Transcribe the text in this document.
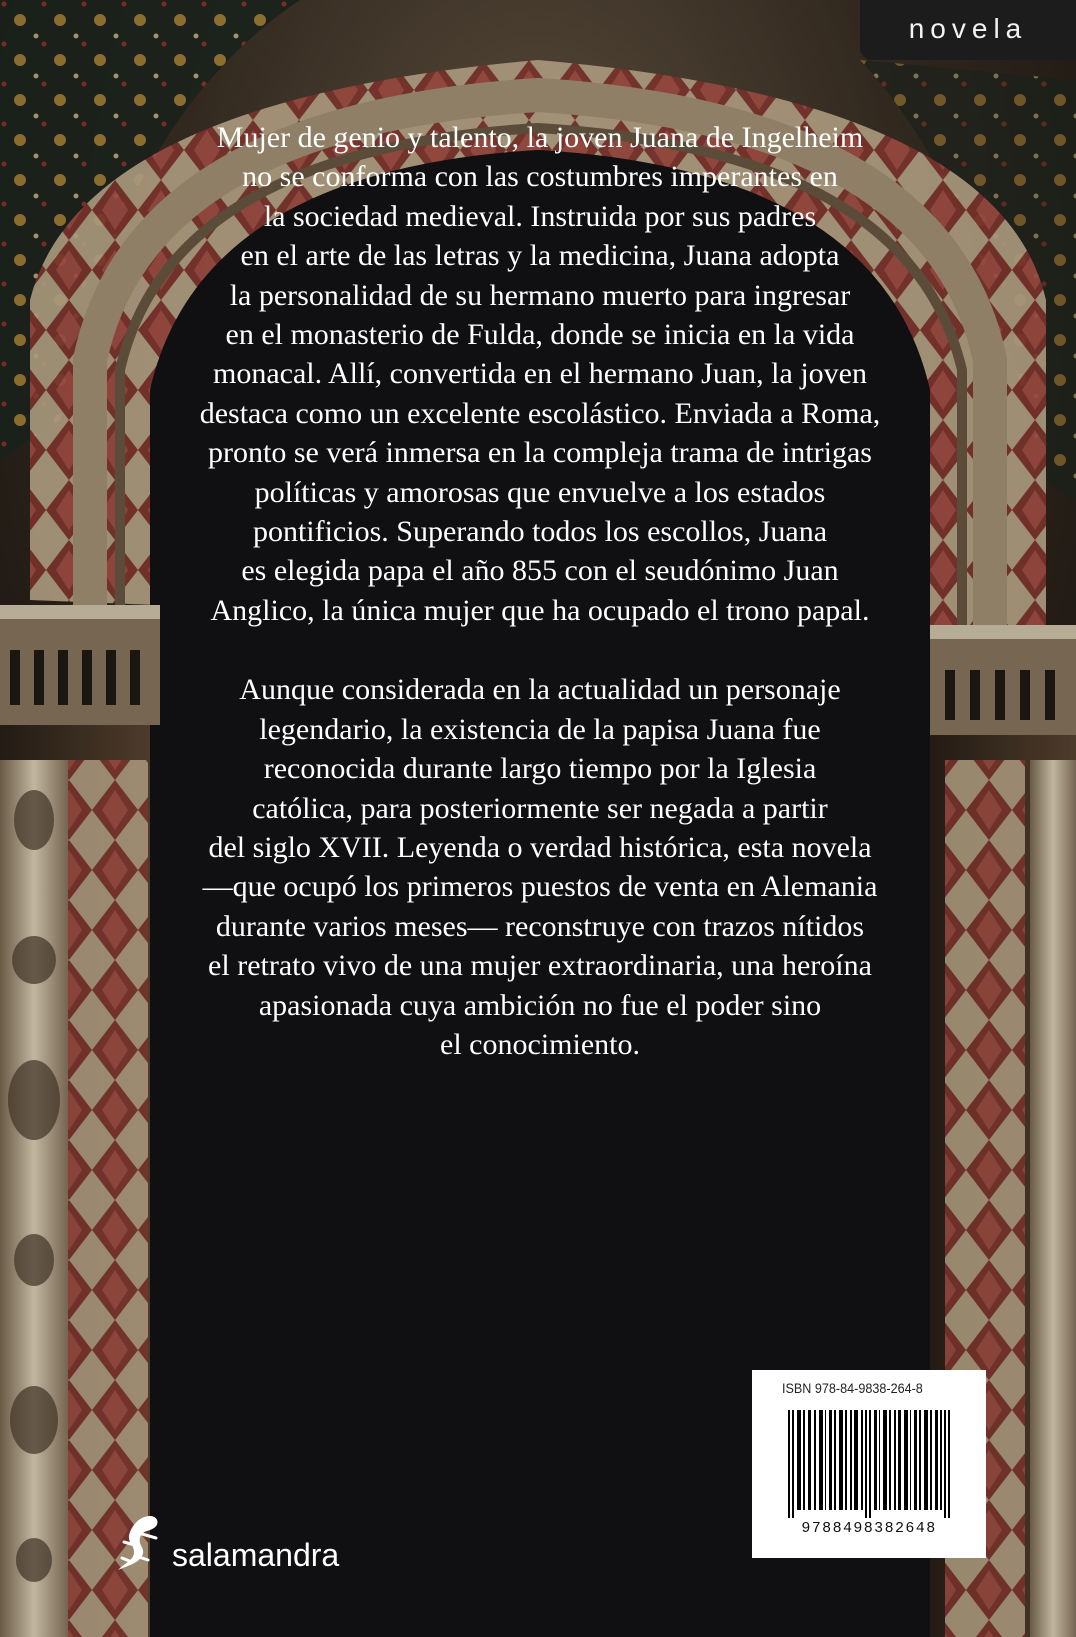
novela

Mujer de genio y talento, la joven Juana de Ingelheim
no se conforma con las costumbres imperantes en
la sociedad medieval. Instruida por sus padres
en el arte de las letras y la medicina, Juana adopta
la personalidad de su hermano muerto para ingresar
en el monasterio de Fulda, donde se inicia en la vida
monacal. Allí, convertida en el hermano Juan, la joven
destaca como un excelente escolástico. Enviada a Roma,
pronto se verá inmersa en la compleja trama de intrigas
políticas y amorosas que envuelve a los estados
pontificios. Superando todos los escollos, Juana
es elegida papa el año 855 con el seudónimo Juan
Anglico, la única mujer que ha ocupado el trono papal.

Aunque considerada en la actualidad un personaje
legendario, la existencia de la papisa Juana fue
reconocida durante largo tiempo por la Iglesia
católica, para posteriormente ser negada a partir
del siglo XVII. Leyenda o verdad histórica, esta novela
—que ocupó los primeros puestos de venta en Alemania
durante varios meses— reconstruye con trazos nítidos
el retrato vivo de una mujer extraordinaria, una heroína
apasionada cuya ambición no fue el poder sino
el conocimiento.

salamandra
ISBN 978-84-9838-264-8
9788498382648
